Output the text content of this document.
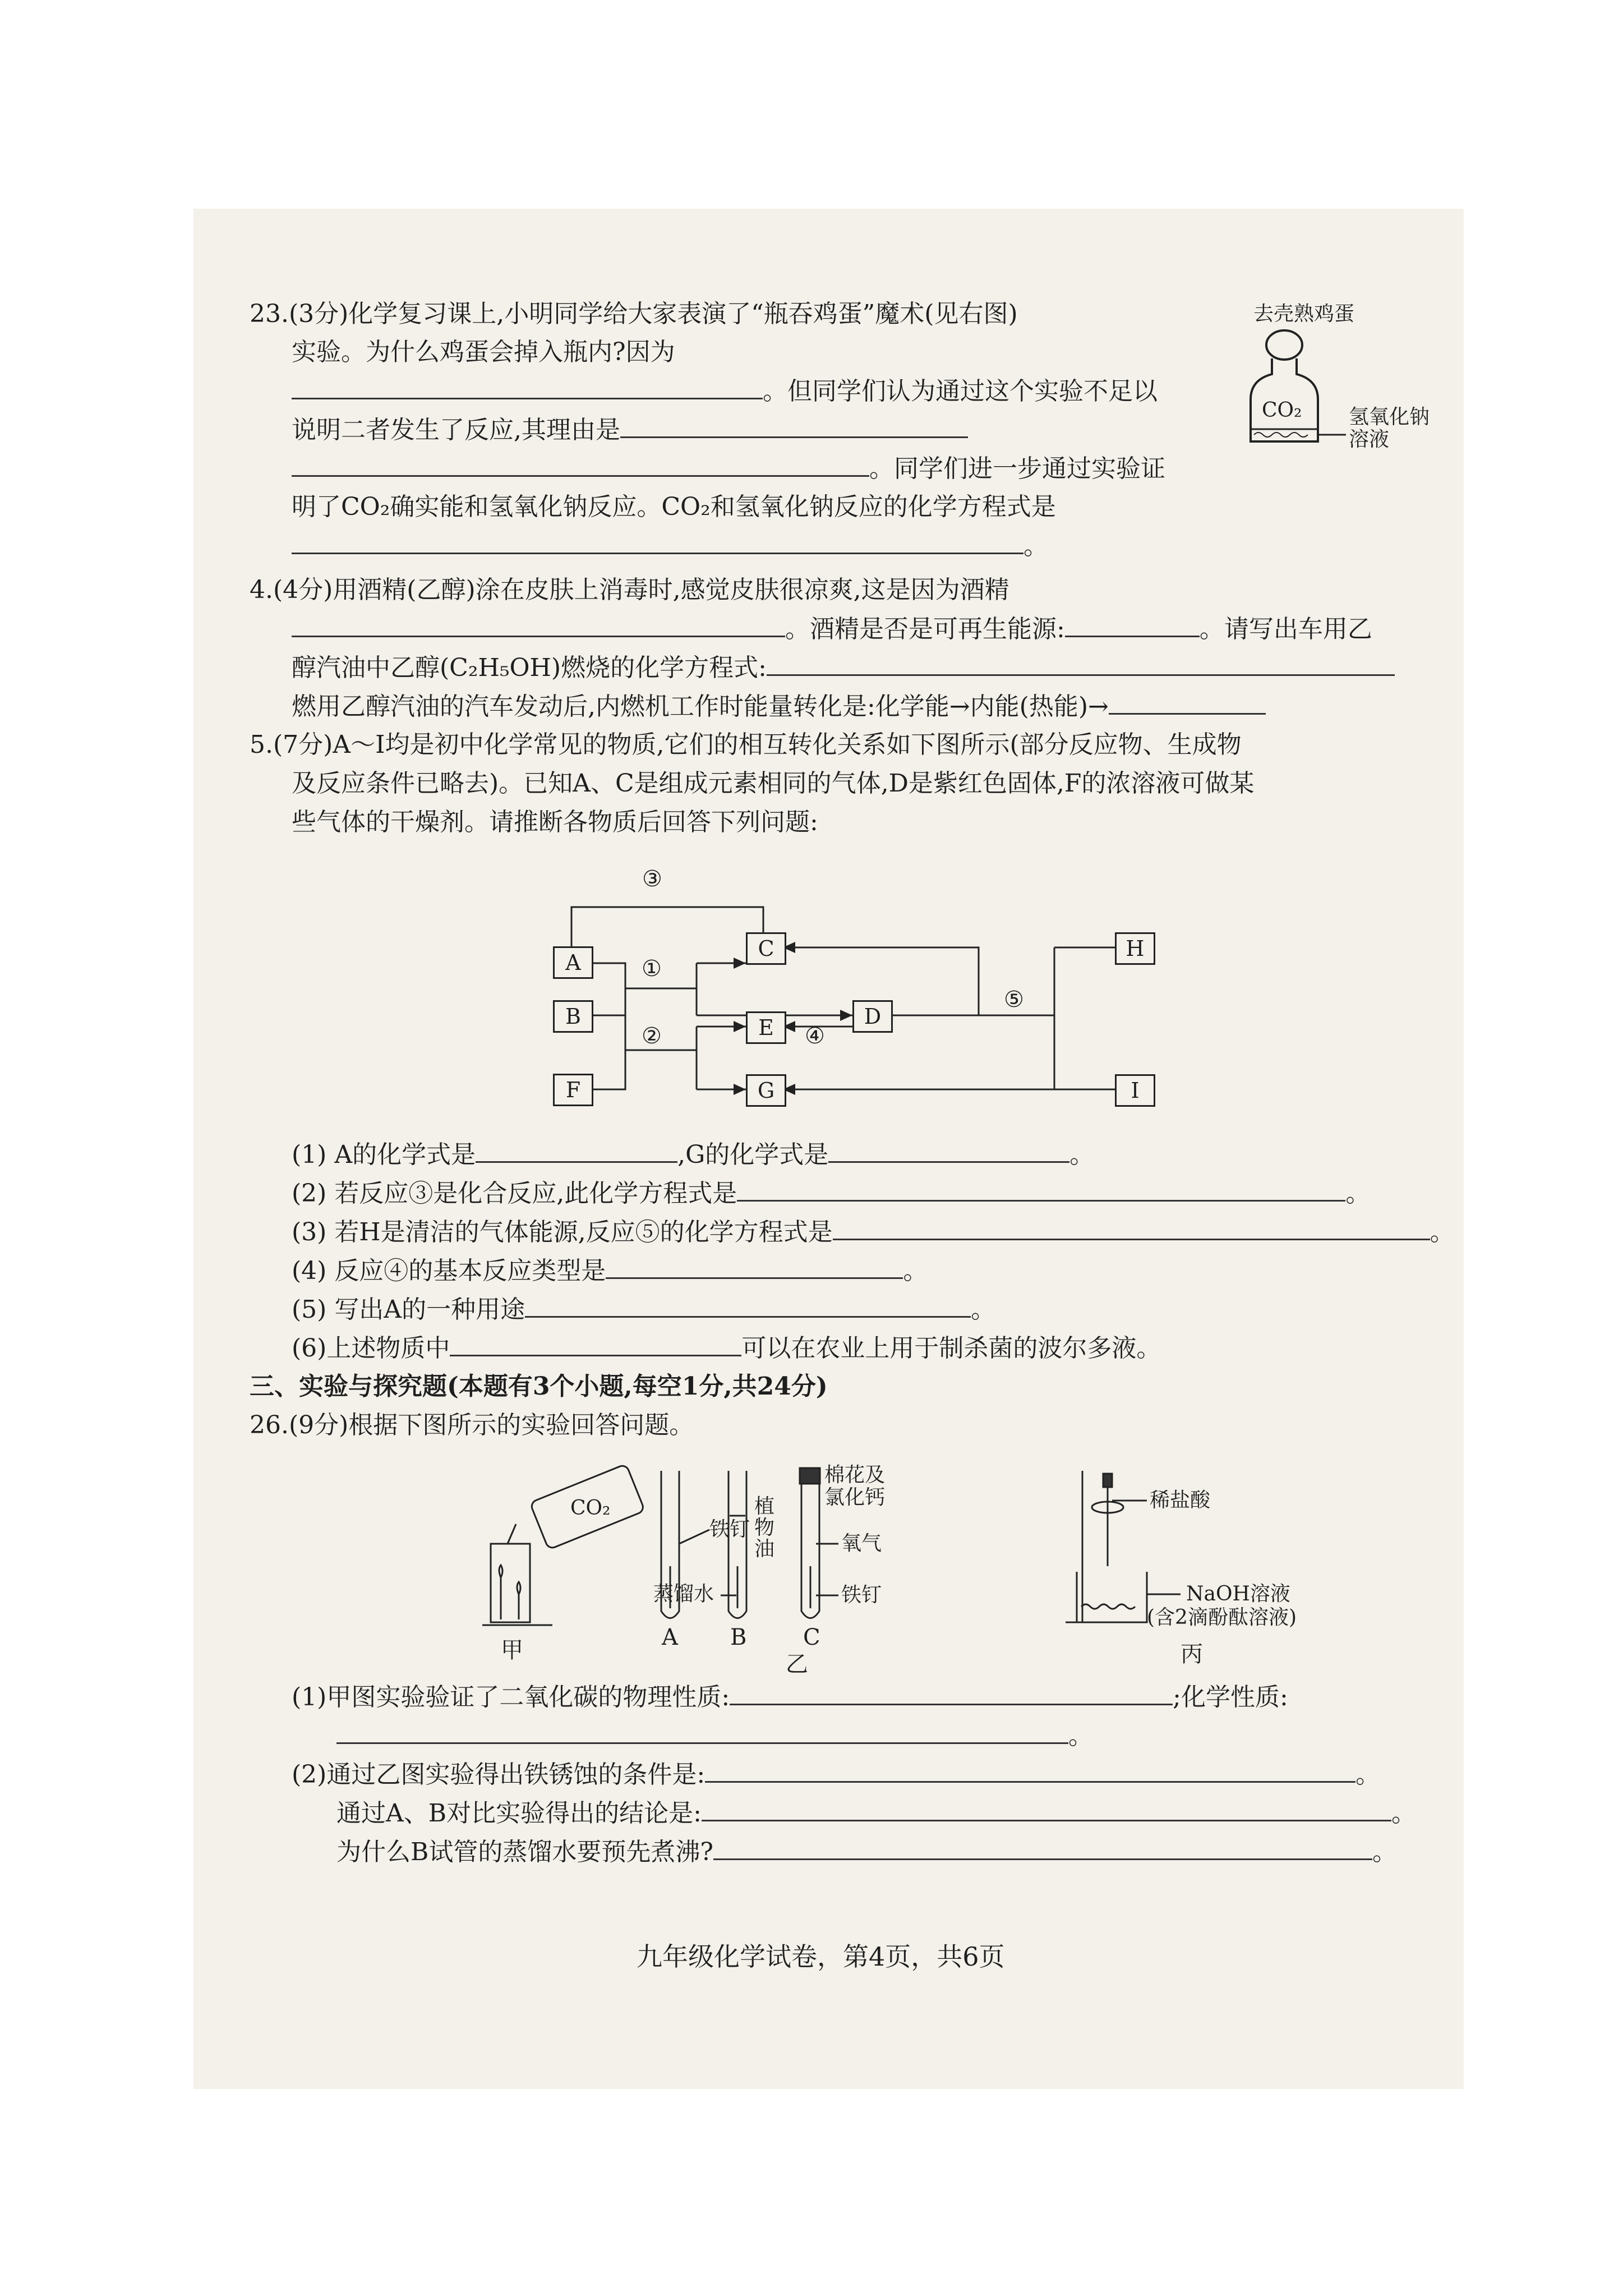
23.(3分)化学复习课上,小明同学给大家表演了“瓶吞鸡蛋”魔术(见右图)
实验。为什么鸡蛋会掉入瓶内?因为
。但同学们认为通过这个实验不足以
说明二者发生了反应,其理由是
。同学们进一步通过实验证
明了CO₂确实能和氢氧化钠反应。CO₂和氢氧化钠反应的化学方程式是
。
去壳熟鸡蛋
CO₂ 氢氧化钠
溶液
4.(4分)用酒精(乙醇)涂在皮肤上消毒时,感觉皮肤很凉爽,这是因为酒精
。酒精是否是可再生能源:	。请写出车用乙
醇汽油中乙醇(C₂H₅OH)燃烧的化学方程式:
燃用乙醇汽油的汽车发动后,内燃机工作时能量转化是:化学能→内能(热能)→
5.(7分)A～I均是初中化学常见的物质,它们的相互转化关系如下图所示(部分反应物、生成物
及反应条件已略去)。已知A、C是组成元素相同的气体,D是紫红色固体,F的浓溶液可做某
些气体的干燥剂。请推断各物质后回答下列问题:
A
B
F
C
E
G
D
H
I
①
②
③
④
⑤
(1) A的化学式是	,G的化学式是	。
(2) 若反应③是化合反应,此化学方程式是	。
(3) 若H是清洁的气体能源,反应⑤的化学方程式是	。
(4) 反应④的基本反应类型是	。
(5) 写出A的一种用途	。
(6)上述物质中	可以在农业上用于制杀菌的波尔多液。
三、实验与探究题(本题有3个小题,每空1分,共24分)
26.(9分)根据下图所示的实验回答问题。
CO₂
甲
铁钉
蒸馏水
植物油
棉花及
氯化钙
氧气
铁钉
A B	C
乙
稀盐酸
NaOH溶液
(含2滴酚酞溶液)
丙
(1)甲图实验验证了二氧化碳的物理性质:	;化学性质:
。
(2)通过乙图实验得出铁锈蚀的条件是:	。
通过A、B对比实验得出的结论是:	。
为什么B试管的蒸馏水要预先煮沸?	。
九年级化学试卷，第4页，共6页
